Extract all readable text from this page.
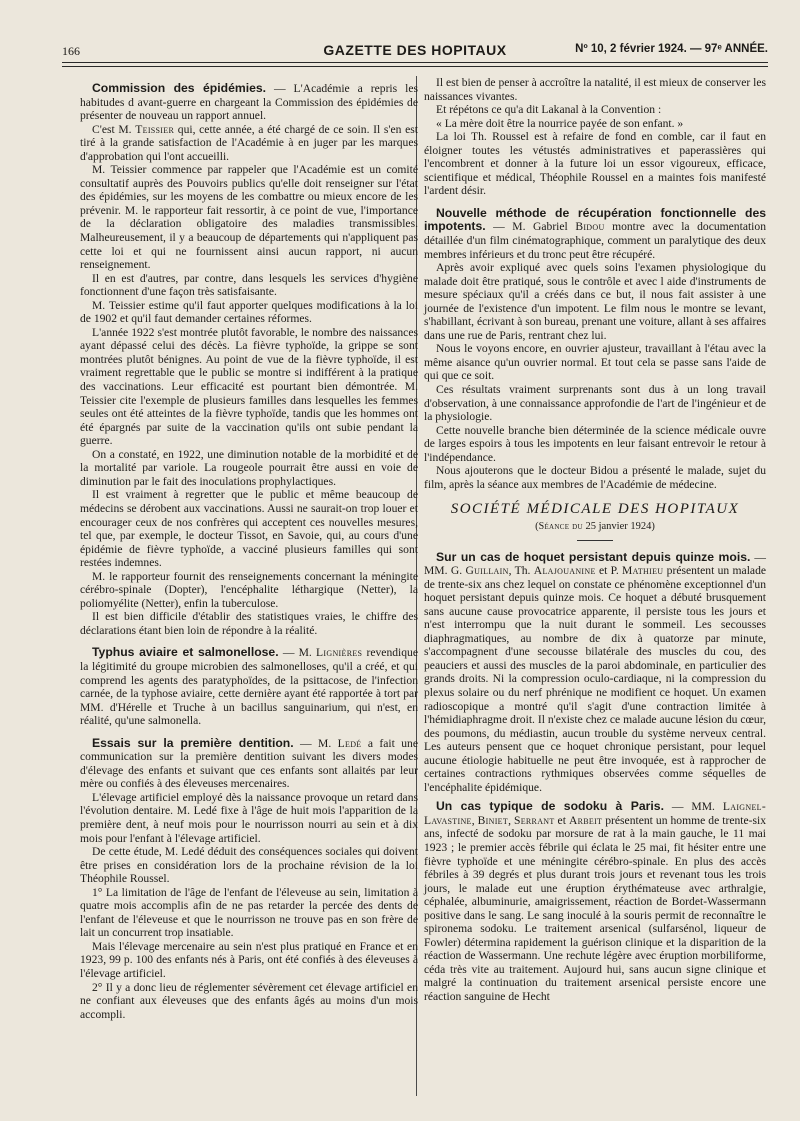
166	GAZETTE DES HOPITAUX	Nº 10, 2 février 1924. — 97ᵉ ANNÉE.

Commission des épidémies. — L'Académie a repris les habitudes d avant-guerre en chargeant la Commission des épidémies de présenter de nouveau un rapport annuel.

C'est M. Teissier qui, cette année, a été chargé de ce soin. Il s'en est tiré à la grande satisfaction de l'Académie à en juger par les marques d'approbation qui l'ont accueilli.

M. Teissier commence par rappeler que l'Académie est un comité consultatif auprès des Pouvoirs publics qu'elle doit renseigner sur l'état des épidémies, sur les moyens de les combattre ou mieux encore de les prévenir. M. le rapporteur fait ressortir, à ce point de vue, l'importance de la déclaration obligatoire des maladies transmissibles. Malheureusement, il y a beaucoup de départements qui n'appliquent pas cette loi et qui ne fournissent ainsi aucun rapport, ni aucun renseignement.

Il en est d'autres, par contre, dans lesquels les services d'hygiène fonctionnent d'une façon très satisfaisante.

M. Teissier estime qu'il faut apporter quelques modifications à la loi de 1902 et qu'il faut demander certaines réformes.

L'année 1922 s'est montrée plutôt favorable, le nombre des naissances ayant dépassé celui des décès. La fièvre typhoïde, la grippe se sont montrées plutôt bénignes. Au point de vue de la fièvre typhoïde, il est vraiment regrettable que le public se montre si indifférent à la pratique des vaccinations. Leur efficacité est pourtant bien démontrée. M. Teissier cite l'exemple de plusieurs familles dans lesquelles les femmes seules ont été atteintes de la fièvre typhoïde, tandis que les hommes ont été épargnés par suite de la vaccination qu'ils ont subie pendant la guerre.

On a constaté, en 1922, une diminution notable de la morbidité et de la mortalité par variole. La rougeole pourrait être aussi en voie de diminution par le fait des inoculations prophylactiques.

Il est vraiment à regretter que le public et même beaucoup de médecins se dérobent aux vaccinations. Aussi ne saurait-on trop louer et encourager ceux de nos confrères qui acceptent ces nouvelles mesures, tel que, par exemple, le docteur Tissot, en Savoie, qui, au cours d'une épidémie de fièvre typhoïde, a vacciné plusieurs familles qui sont restées indemnes.

M. le rapporteur fournit des renseignements concernant la méningite cérébro-spinale (Dopter), l'encéphalite léthargique (Netter), la poliomyélite (Netter), enfin la tuberculose.

Il est bien difficile d'établir des statistiques vraies, le chiffre des déclarations étant bien loin de répondre à la réalité.

Typhus aviaire et salmonellose. — M. Lignières revendique la légitimité du groupe microbien des salmonelloses, qu'il a créé, et qui comprend les agents des paratyphoïdes, de la psittacose, de l'infection carnée, de la typhose aviaire, cette dernière ayant été rapportée à tort par MM. d'Hérelle et Truche à un bacillus sanguinarium, qui n'est, en réalité, qu'une salmonella.

Essais sur la première dentition. — M. Ledé a fait une communication sur la première dentition suivant les divers modes d'élevage des enfants et suivant que ces enfants sont allaités par leur mère ou confiés à des éleveuses mercenaires.

L'élevage artificiel employé dès la naissance provoque un retard dans l'évolution dentaire. M. Ledé fixe à l'âge de huit mois l'apparition de la première dent, à neuf mois pour le nourrisson nourri au sein et à dix mois pour l'enfant à l'élevage artificiel.

De cette étude, M. Ledé déduit des conséquences sociales qui doivent être prises en considération lors de la prochaine révision de la loi Théophile Roussel.

1° La limitation de l'âge de l'enfant de l'éleveuse au sein, limitation à quatre mois accomplis afin de ne pas retarder la percée des dents de l'enfant de l'éleveuse et que le nourrisson ne trouve pas en son frère de lait un concurrent trop insatiable.

Mais l'élevage mercenaire au sein n'est plus pratiqué en France et en 1923, 99 p. 100 des enfants nés à Paris, ont été confiés à des éleveuses à l'élevage artificiel.

2° Il y a donc lieu de réglementer sévèrement cet élevage artificiel en ne confiant aux éleveuses que des enfants âgés au moins d'un mois accompli.

Il est bien de penser à accroître la natalité, il est mieux de conserver les naissances vivantes.

Et répétons ce qu'a dit Lakanal à la Convention :

« La mère doit être la nourrice payée de son enfant. »

La loi Th. Roussel est à refaire de fond en comble, car il faut en éloigner toutes les vétustés administratives et paperassières qui l'encombrent et donner à la future loi un essor vigoureux, efficace, scientifique et médical, Théophile Roussel en a maintes fois manifesté l'ardent désir.

Nouvelle méthode de récupération fonctionnelle des impotents. — M. Gabriel Bidou montre avec la documentation détaillée d'un film cinématographique, comment un paralytique des deux membres inférieurs et du tronc peut être récupéré.

Après avoir expliqué avec quels soins l'examen physiologique du malade doit être pratiqué, sous le contrôle et avec l aide d'instruments de mesure spéciaux qu'il a créés dans ce but, il nous fait assister à une journée de l'existence d'un impotent. Le film nous le montre se levant, s'habillant, écrivant à son bureau, prenant une voiture, allant à ses affaires dans une rue de Paris, rentrant chez lui.

Nous le voyons encore, en ouvrier ajusteur, travaillant à l'étau avec la même aisance qu'un ouvrier normal. Et tout cela se passe sans l'aide de qui que ce soit.

Ces résultats vraiment surprenants sont dus à un long travail d'observation, à une connaissance approfondie de l'art de l'ingénieur et de la physiologie.

Cette nouvelle branche bien déterminée de la science médicale ouvre de larges espoirs à tous les impotents en leur faisant entrevoir le retour à l'indépendance.

Nous ajouterons que le docteur Bidou a présenté le malade, sujet du film, après la séance aux membres de l'Académie de médecine.

SOCIÉTÉ MÉDICALE DES HOPITAUX

(Séance du 25 janvier 1924)

Sur un cas de hoquet persistant depuis quinze mois. — MM. G. Guillain, Th. Alajouanine et P. Mathieu présentent un malade de trente-six ans chez lequel on constate ce phénomène exceptionnel d'un hoquet persistant depuis quinze mois. Ce hoquet a débuté brusquement sans aucune cause provocatrice apparente, il persiste tous les jours et n'est interrompu que la nuit durant le sommeil. Les secousses diaphragmatiques, au nombre de dix à quatorze par minute, s'accompagnent d'une secousse bilatérale des muscles du cou, des peauciers et aussi des muscles de la paroi abdominale, en particulier des grands droits. Ni la compression oculo-cardiaque, ni la compression du plexus solaire ou du nerf phrénique ne modifient ce hoquet. Un examen radioscopique a montré qu'il s'agit d'une contraction limitée à l'hémidiaphragme droit. Il n'existe chez ce malade aucune lésion du cœur, des poumons, du médiastin, aucun trouble du système nerveux central. Les auteurs pensent que ce hoquet chronique persistant, pour lequel aucune étiologie habituelle ne peut être invoquée, est à rapprocher de certaines contractions rythmiques observées comme séquelles de l'encéphalite épidémique.

Un cas typique de sodoku à Paris. — MM. Laignel-Lavastine, Biniet, Serrant et Arbeit présentent un homme de trente-six ans, infecté de sodoku par morsure de rat à la main gauche, le 11 mai 1923 ; le premier accès fébrile qui éclata le 25 mai, fit hésiter entre une fièvre typhoïde et une méningite cérébro-spinale. En plus des accès fébriles à 39 degrés et plus durant trois jours et revenant tous les trois jours, le malade eut une éruption érythémateuse avec arthralgie, céphalée, albuminurie, amaigrissement, réaction de Bordet-Wassermann positive dans le sang. Le sang inoculé à la souris permit de reconnaître le spironema sodoku. Le traitement arsenical (sulfarsénol, liqueur de Fowler) détermina rapidement la guérison clinique et la disparition de la réaction de Wassermann. Une rechute légère avec éruption morbiliforme, céda très vite au traitement. Aujourd hui, sans aucun signe clinique et malgré la continuation du traitement arsenical persiste encore une réaction sanguine de Hecht
